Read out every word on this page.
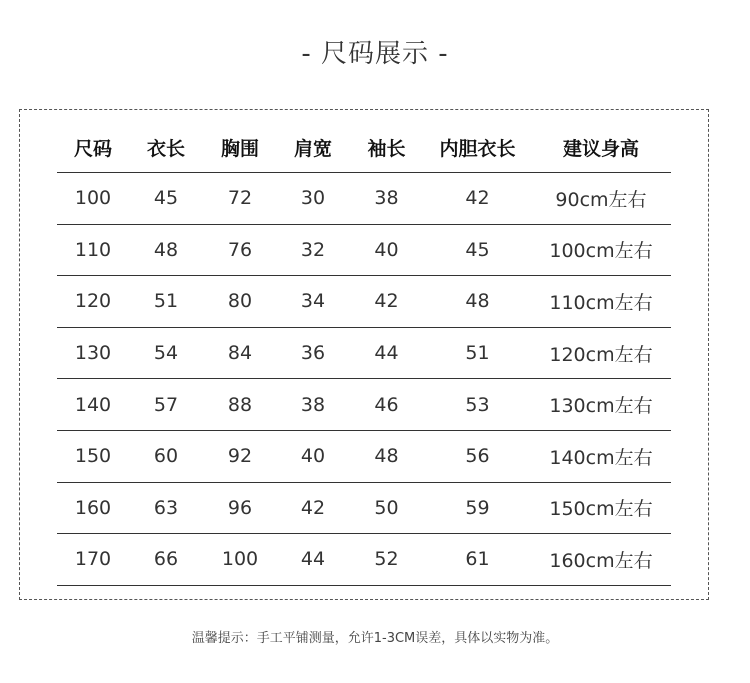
- 尺码展示 -
尺码	衣长	胸围	肩宽	袖长	内胆衣长	建议身高
100	45	72	30	38	42	90cm左右
110	48	76	32	40	45	100cm左右
120	51	80	34	42	48	110cm左右
130	54	84	36	44	51	120cm左右
140	57	88	38	46	53	130cm左右
150	60	92	40	48	56	140cm左右
160	63	96	42	50	59	150cm左右
170	66	100	44	52	61	160cm左右
温馨提示：手工平铺测量，允许1-3CM误差，具体以实物为准。
